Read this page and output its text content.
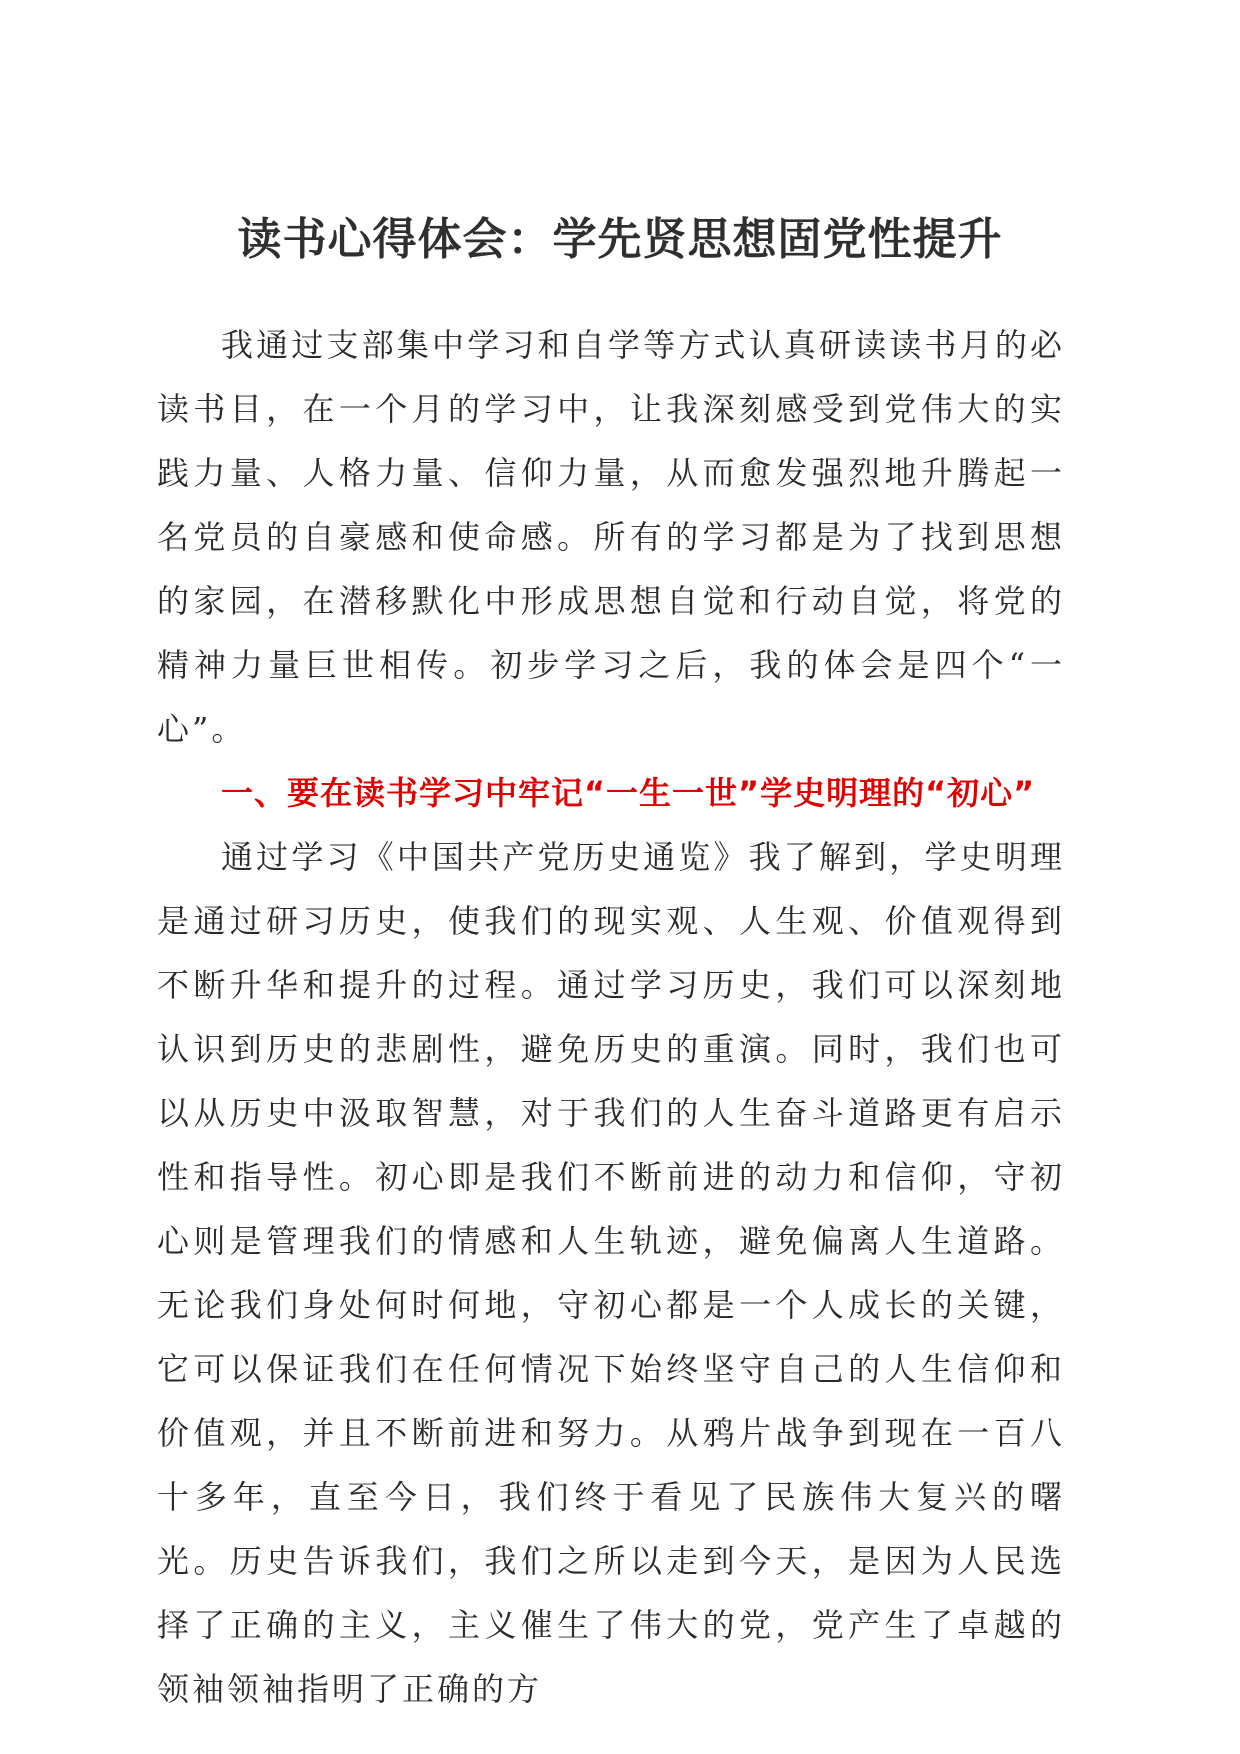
读书心得体会：学先贤思想固党性提升

我通过支部集中学习和自学等方式认真研读读书月的必读书目，在一个月的学习中，让我深刻感受到党伟大的实践力量、人格力量、信仰力量，从而愈发强烈地升腾起一名党员的自豪感和使命感。所有的学习都是为了找到思想的家园，在潜移默化中形成思想自觉和行动自觉，将党的精神力量巨世相传。初步学习之后，我的体会是四个“一心”。

一、要在读书学习中牢记“一生一世”学史明理的“初心”

通过学习《中国共产党历史通览》我了解到，学史明理是通过研习历史，使我们的现实观、人生观、价值观得到不断升华和提升的过程。通过学习历史，我们可以深刻地认识到历史的悲剧性，避免历史的重演。同时，我们也可以从历史中汲取智慧，对于我们的人生奋斗道路更有启示性和指导性。初心即是我们不断前进的动力和信仰，守初心则是管理我们的情感和人生轨迹，避免偏离人生道路。无论我们身处何时何地，守初心都是一个人成长的关键，它可以保证我们在任何情况下始终坚守自己的人生信仰和价值观，并且不断前进和努力。从鸦片战争到现在一百八十多年，直至今日，我们终于看见了民族伟大复兴的曙光。历史告诉我们，我们之所以走到今天，是因为人民选择了正确的主义，主义催生了伟大的党，党产生了卓越的领袖领袖指明了正确的方
